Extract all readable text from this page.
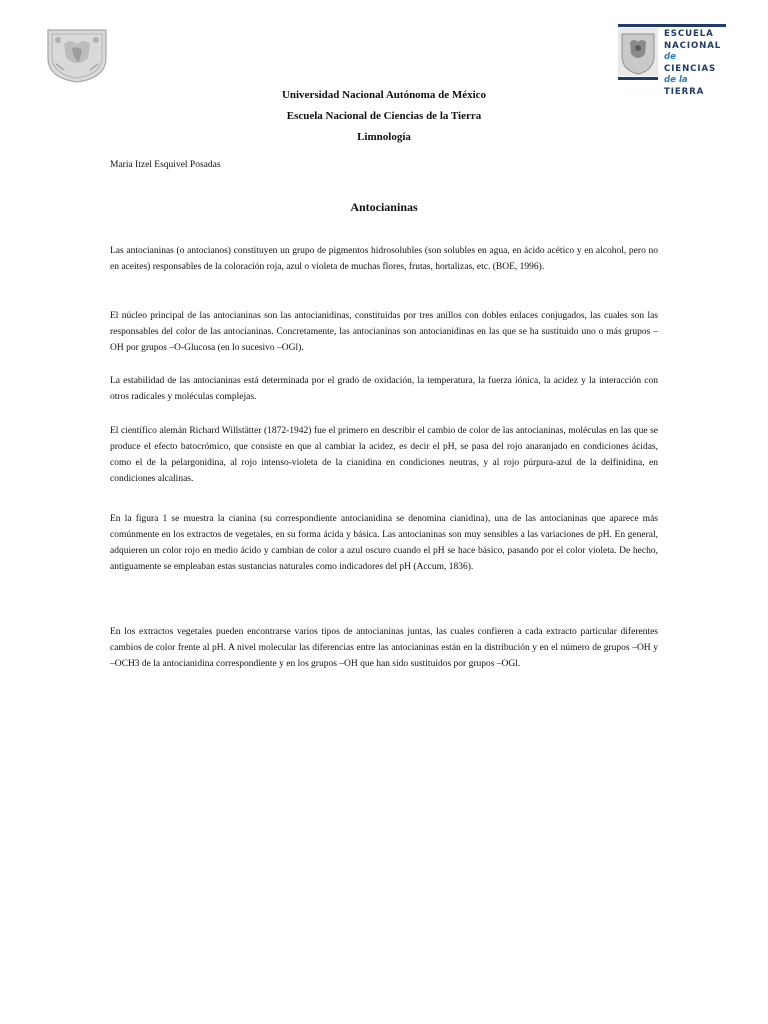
ESCUELA
NACIONAL
de CIENCIAS
de la TIERRA
Universidad Nacional Autónoma de México
Escuela Nacional de Ciencias de la Tierra
Limnología
Maria Itzel Esquivel Posadas
Antocianinas

Las antocianinas (o antocianos) constituyen un grupo de pigmentos hidrosolubles (son solubles en agua, en ácido acético y en alcohol, pero no en aceites) responsables de la coloración roja, azul o violeta de muchas flores, frutas, hortalizas, etc. (BOE, 1996).

El núcleo principal de las antocianinas son las antocianidinas, constituidas por tres anillos con dobles enlaces conjugados, las cuales son las responsables del color de las antocianinas. Concretamente, las antocianinas son antocianidinas en las que se ha sustituido uno o más grupos –OH por grupos –O-Glucosa (en lo sucesivo –OGl).

La estabilidad de las antocianinas está determinada por el grado de oxidación, la temperatura, la fuerza iónica, la acidez y la interacción con otros radicales y moléculas complejas.

El científico alemán Richard Willstätter (1872-1942) fue el primero en describir el cambio de color de las antocianinas, moléculas en las que se produce el efecto batocrómico, que consiste en que al cambiar la acidez, es decir el pH, se pasa del rojo anaranjado en condiciones ácidas, como el de la pelargonidina, al rojo intenso-violeta de la cianidina en condiciones neutras, y al rojo púrpura-azul de la delfinidina, en condiciones alcalinas.

En la figura 1 se muestra la cianina (su correspondiente antocianidina se denomina cianidina), una de las antocianinas que aparece más comúnmente en los extractos de vegetales, en su forma ácida y básica. Las antocianinas son muy sensibles a las variaciones de pH. En general, adquieren un color rojo en medio ácido y cambian de color a azul oscuro cuando el pH se hace básico, pasando por el color violeta. De hecho, antiguamente se empleaban estas sustancias naturales como indicadores del pH (Accum, 1836).

En los extractos vegetales pueden encontrarse varios tipos de antocianinas juntas, las cuales confieren a cada extracto particular diferentes cambios de color frente al pH. A nivel molecular las diferencias entre las antocianinas están en la distribución y en el número de grupos –OH y –OCH3 de la antocianidina correspondiente y en los grupos –OH que han sido sustituidos por grupos –OGl.
